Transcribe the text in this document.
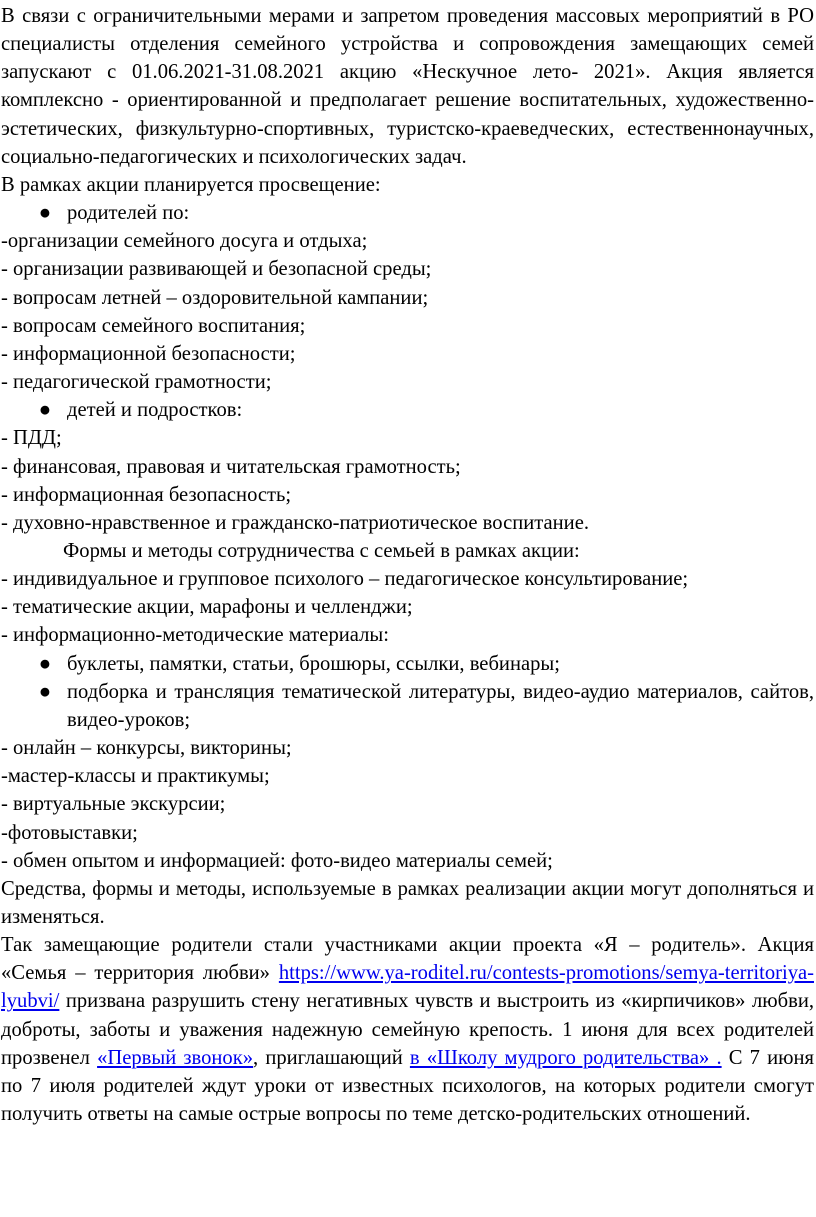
В связи с ограничительными мерами и запретом проведения массовых мероприятий в РО специалисты отделения семейного устройства и сопровождения замещающих семей запускают с 01.06.2021-31.08.2021 акцию «Нескучное лето- 2021». Акция является комплексно - ориентированной и предполагает решение воспитательных, художественно-эстетических, физкультурно-спортивных, туристско-краеведческих, естественнонаучных, социально-педагогических и психологических задач.

В рамках акции планируется просвещение:

● родителей по:

-организации семейного досуга и отдыха;

- организации развивающей и безопасной среды;

- вопросам летней – оздоровительной кампании;

- вопросам семейного воспитания;

- информационной безопасности;

- педагогической грамотности;

● детей и подростков:

- ПДД;

- финансовая, правовая и читательская грамотность;

- информационная безопасность;

- духовно-нравственное и гражданско-патриотическое воспитание.

Формы и методы сотрудничества с семьей в рамках акции:

- индивидуальное и групповое психолого – педагогическое консультирование;

- тематические акции, марафоны и челленджи;

- информационно-методические материалы:

● буклеты, памятки, статьи, брошюры, ссылки, вебинары;

● подборка и трансляция тематической литературы, видео-аудио материалов, сайтов, видео-уроков;

- онлайн – конкурсы, викторины;

-мастер-классы и практикумы;

- виртуальные экскурсии;

-фотовыставки;

- обмен опытом и информацией: фото-видео материалы семей;

Средства, формы и методы, используемые в рамках реализации акции могут дополняться и изменяться.

Так замещающие родители стали участниками акции проекта «Я – родитель». Акция «Семья – территория любви» https://www.ya-roditel.ru/contests-promotions/semya-territoriya-lyubvi/ призвана разрушить стену негативных чувств и выстроить из «кирпичиков» любви, доброты, заботы и уважения надежную семейную крепость. 1 июня для всех родителей прозвенел «Первый звонок», приглашающий в «Школу мудрого родительства» . С 7 июня по 7 июля родителей ждут уроки от известных психологов, на которых родители смогут получить ответы на самые острые вопросы по теме детско-родительских отношений.
